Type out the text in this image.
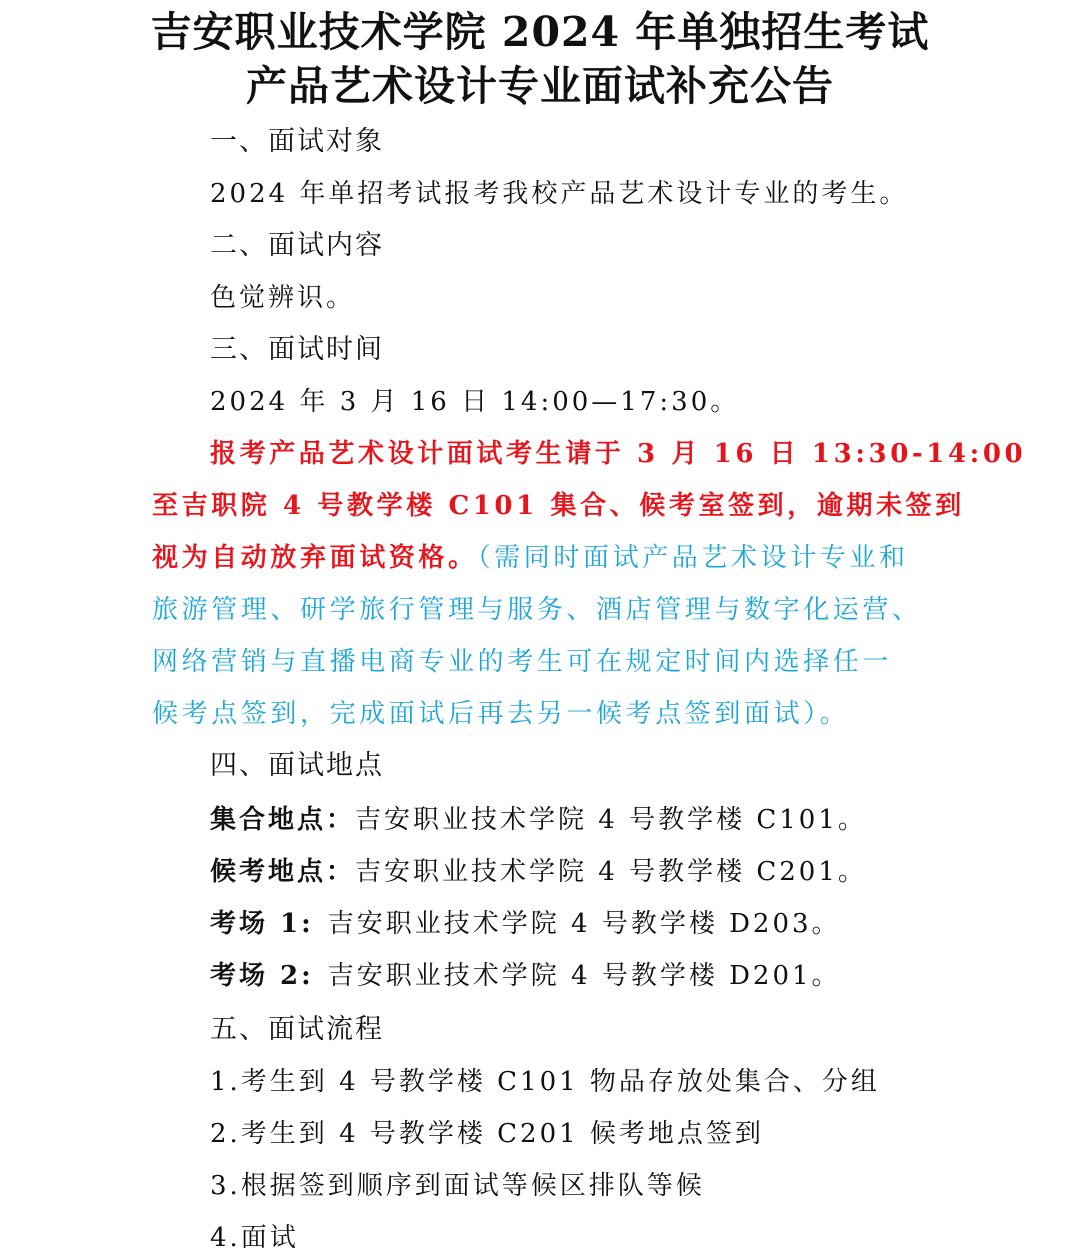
吉安职业技术学院 2024 年单独招生考试
产品艺术设计专业面试补充公告
一、面试对象
2024 年单招考试报考我校产品艺术设计专业的考生。
二、面试内容
色觉辨识。
三、面试时间
2024 年 3 月 16 日 14:00—17:30。
报考产品艺术设计面试考生请于 3 月 16 日 13:30-14:00
至吉职院 4 号教学楼 C101 集合、候考室签到，逾期未签到
视为自动放弃面试资格。（需同时面试产品艺术设计专业和
旅游管理、研学旅行管理与服务、酒店管理与数字化运营、
网络营销与直播电商专业的考生可在规定时间内选择任一
候考点签到，完成面试后再去另一候考点签到面试）。
四、面试地点
集合地点：吉安职业技术学院 4 号教学楼 C101。
候考地点：吉安职业技术学院 4 号教学楼 C201。
考场 1: 吉安职业技术学院 4 号教学楼 D203。
考场 2: 吉安职业技术学院 4 号教学楼 D201。
五、面试流程
1.考生到 4 号教学楼 C101 物品存放处集合、分组
2.考生到 4 号教学楼 C201 候考地点签到
3.根据签到顺序到面试等候区排队等候
4.面试
